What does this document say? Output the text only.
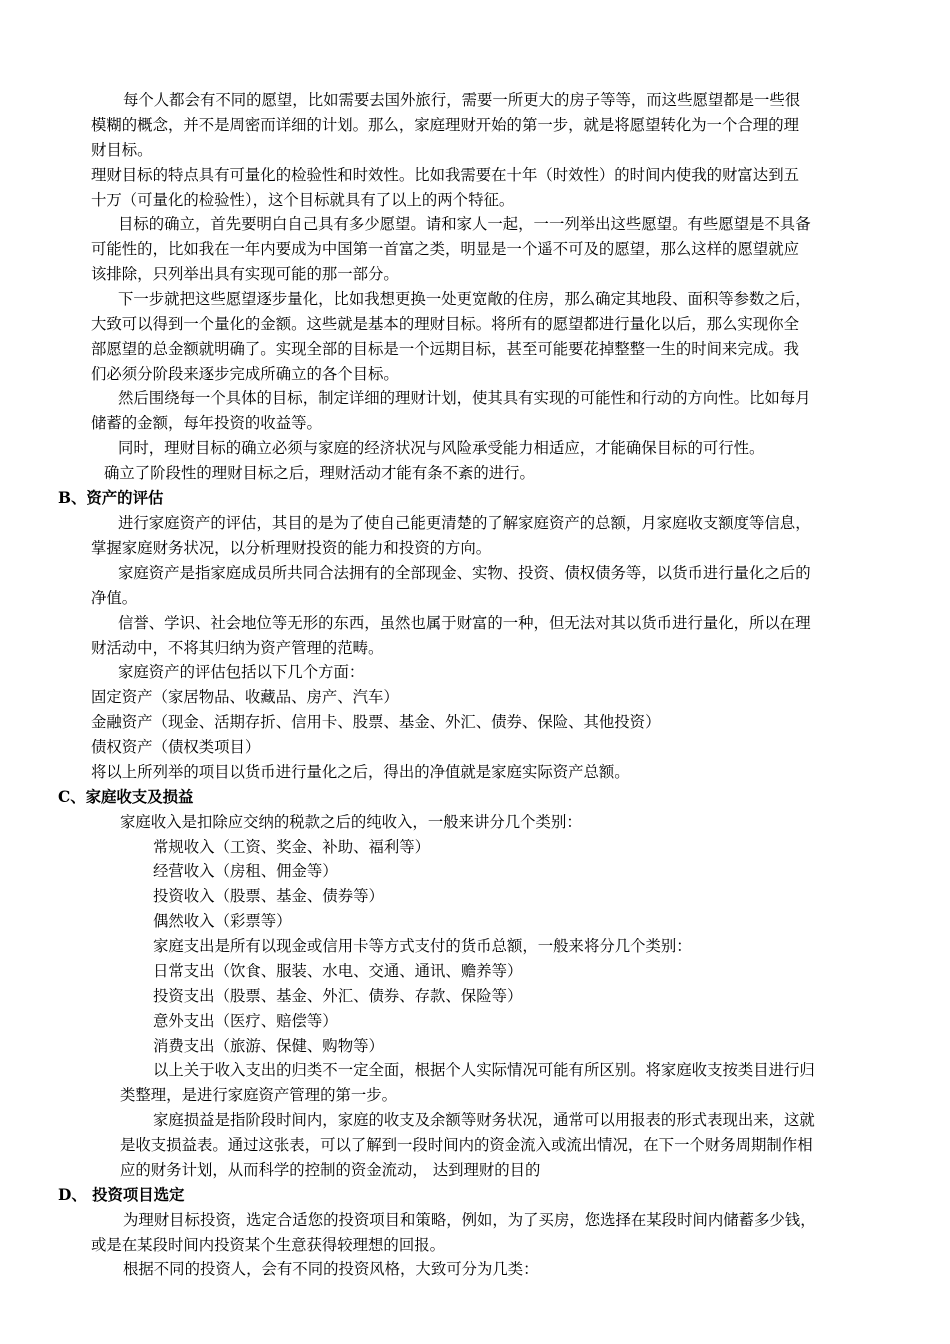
每个人都会有不同的愿望，比如需要去国外旅行，需要一所更大的房子等等，而这些愿望都是一些很
模糊的概念，并不是周密而详细的计划。那么，家庭理财开始的第一步，就是将愿望转化为一个合理的理
财目标。
理财目标的特点具有可量化的检验性和时效性。比如我需要在十年（时效性）的时间内使我的财富达到五
十万（可量化的检验性），这个目标就具有了以上的两个特征。
目标的确立，首先要明白自己具有多少愿望。请和家人一起，一一列举出这些愿望。有些愿望是不具备
可能性的，比如我在一年内要成为中国第一首富之类，明显是一个遥不可及的愿望，那么这样的愿望就应
该排除，只列举出具有实现可能的那一部分。
下一步就把这些愿望逐步量化，比如我想更换一处更宽敞的住房，那么确定其地段、面积等参数之后，
大致可以得到一个量化的金额。这些就是基本的理财目标。将所有的愿望都进行量化以后，那么实现你全
部愿望的总金额就明确了。实现全部的目标是一个远期目标，甚至可能要花掉整整一生的时间来完成。我
们必须分阶段来逐步完成所确立的各个目标。
然后围绕每一个具体的目标，制定详细的理财计划，使其具有实现的可能性和行动的方向性。比如每月
储蓄的金额，每年投资的收益等。
同时，理财目标的确立必须与家庭的经济状况与风险承受能力相适应，才能确保目标的可行性。
确立了阶段性的理财目标之后，理财活动才能有条不紊的进行。
B、资产的评估
进行家庭资产的评估，其目的是为了使自己能更清楚的了解家庭资产的总额，月家庭收支额度等信息，
掌握家庭财务状况，以分析理财投资的能力和投资的方向。
家庭资产是指家庭成员所共同合法拥有的全部现金、实物、投资、债权债务等，以货币进行量化之后的
净值。
信誉、学识、社会地位等无形的东西，虽然也属于财富的一种，但无法对其以货币进行量化，所以在理
财活动中，不将其归纳为资产管理的范畴。
家庭资产的评估包括以下几个方面：
固定资产（家居物品、收藏品、房产、汽车）
金融资产（现金、活期存折、信用卡、股票、基金、外汇、债券、保险、其他投资）
债权资产（债权类项目）
将以上所列举的项目以货币进行量化之后，得出的净值就是家庭实际资产总额。
C、家庭收支及损益
家庭收入是扣除应交纳的税款之后的纯收入，一般来讲分几个类别：
常规收入（工资、奖金、补助、福利等）
经营收入（房租、佣金等）
投资收入（股票、基金、债券等）
偶然收入（彩票等）
家庭支出是所有以现金或信用卡等方式支付的货币总额，一般来将分几个类别：
日常支出（饮食、服装、水电、交通、通讯、赡养等）
投资支出（股票、基金、外汇、债券、存款、保险等）
意外支出（医疗、赔偿等）
消费支出（旅游、保健、购物等）
以上关于收入支出的归类不一定全面，根据个人实际情况可能有所区别。将家庭收支按类目进行归
类整理，是进行家庭资产管理的第一步。
家庭损益是指阶段时间内，家庭的收支及余额等财务状况，通常可以用报表的形式表现出来，这就
是收支损益表。通过这张表，可以了解到一段时间内的资金流入或流出情况，在下一个财务周期制作相
应的财务计划，从而科学的控制的资金流动， 达到理财的目的
D、 投资项目选定
为理财目标投资，选定合适您的投资项目和策略，例如，为了买房，您选择在某段时间内储蓄多少钱，
或是在某段时间内投资某个生意获得较理想的回报。
根据不同的投资人，会有不同的投资风格，大致可分为几类：
